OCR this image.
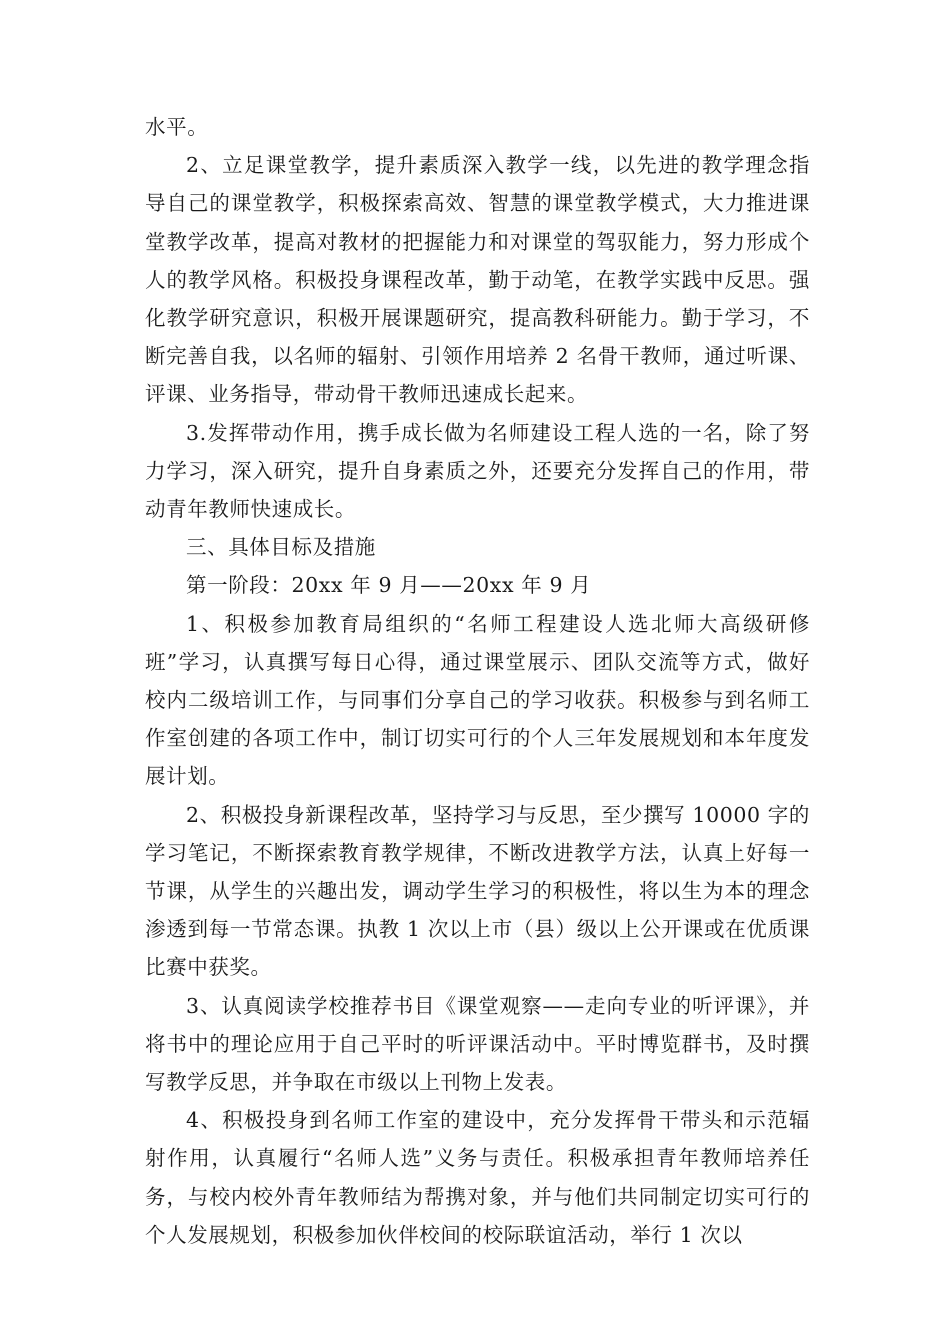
水平。

2、立足课堂教学，提升素质深入教学一线，以先进的教学理念指导自己的课堂教学，积极探索高效、智慧的课堂教学模式，大力推进课堂教学改革，提高对教材的把握能力和对课堂的驾驭能力，努力形成个人的教学风格。积极投身课程改革，勤于动笔，在教学实践中反思。强化教学研究意识，积极开展课题研究，提高教科研能力。勤于学习，不断完善自我，以名师的辐射、引领作用培养 2 名骨干教师，通过听课、评课、业务指导，带动骨干教师迅速成长起来。

3.发挥带动作用，携手成长做为名师建设工程人选的一名，除了努力学习，深入研究，提升自身素质之外，还要充分发挥自己的作用，带动青年教师快速成长。

三、具体目标及措施

第一阶段：20xx 年 9 月——20xx 年 9 月

1、积极参加教育局组织的“名师工程建设人选北师大高级研修班”学习，认真撰写每日心得，通过课堂展示、团队交流等方式，做好校内二级培训工作，与同事们分享自己的学习收获。积极参与到名师工作室创建的各项工作中，制订切实可行的个人三年发展规划和本年度发展计划。

2、积极投身新课程改革，坚持学习与反思，至少撰写 10000 字的学习笔记，不断探索教育教学规律，不断改进教学方法，认真上好每一节课，从学生的兴趣出发，调动学生学习的积极性，将以生为本的理念渗透到每一节常态课。执教 1 次以上市（县）级以上公开课或在优质课比赛中获奖。

3、认真阅读学校推荐书目《课堂观察——走向专业的听评课》，并将书中的理论应用于自己平时的听评课活动中。平时博览群书，及时撰写教学反思，并争取在市级以上刊物上发表。

4、积极投身到名师工作室的建设中，充分发挥骨干带头和示范辐射作用，认真履行“名师人选”义务与责任。积极承担青年教师培养任务，与校内校外青年教师结为帮携对象，并与他们共同制定切实可行的个人发展规划，积极参加伙伴校间的校际联谊活动，举行 1 次以
